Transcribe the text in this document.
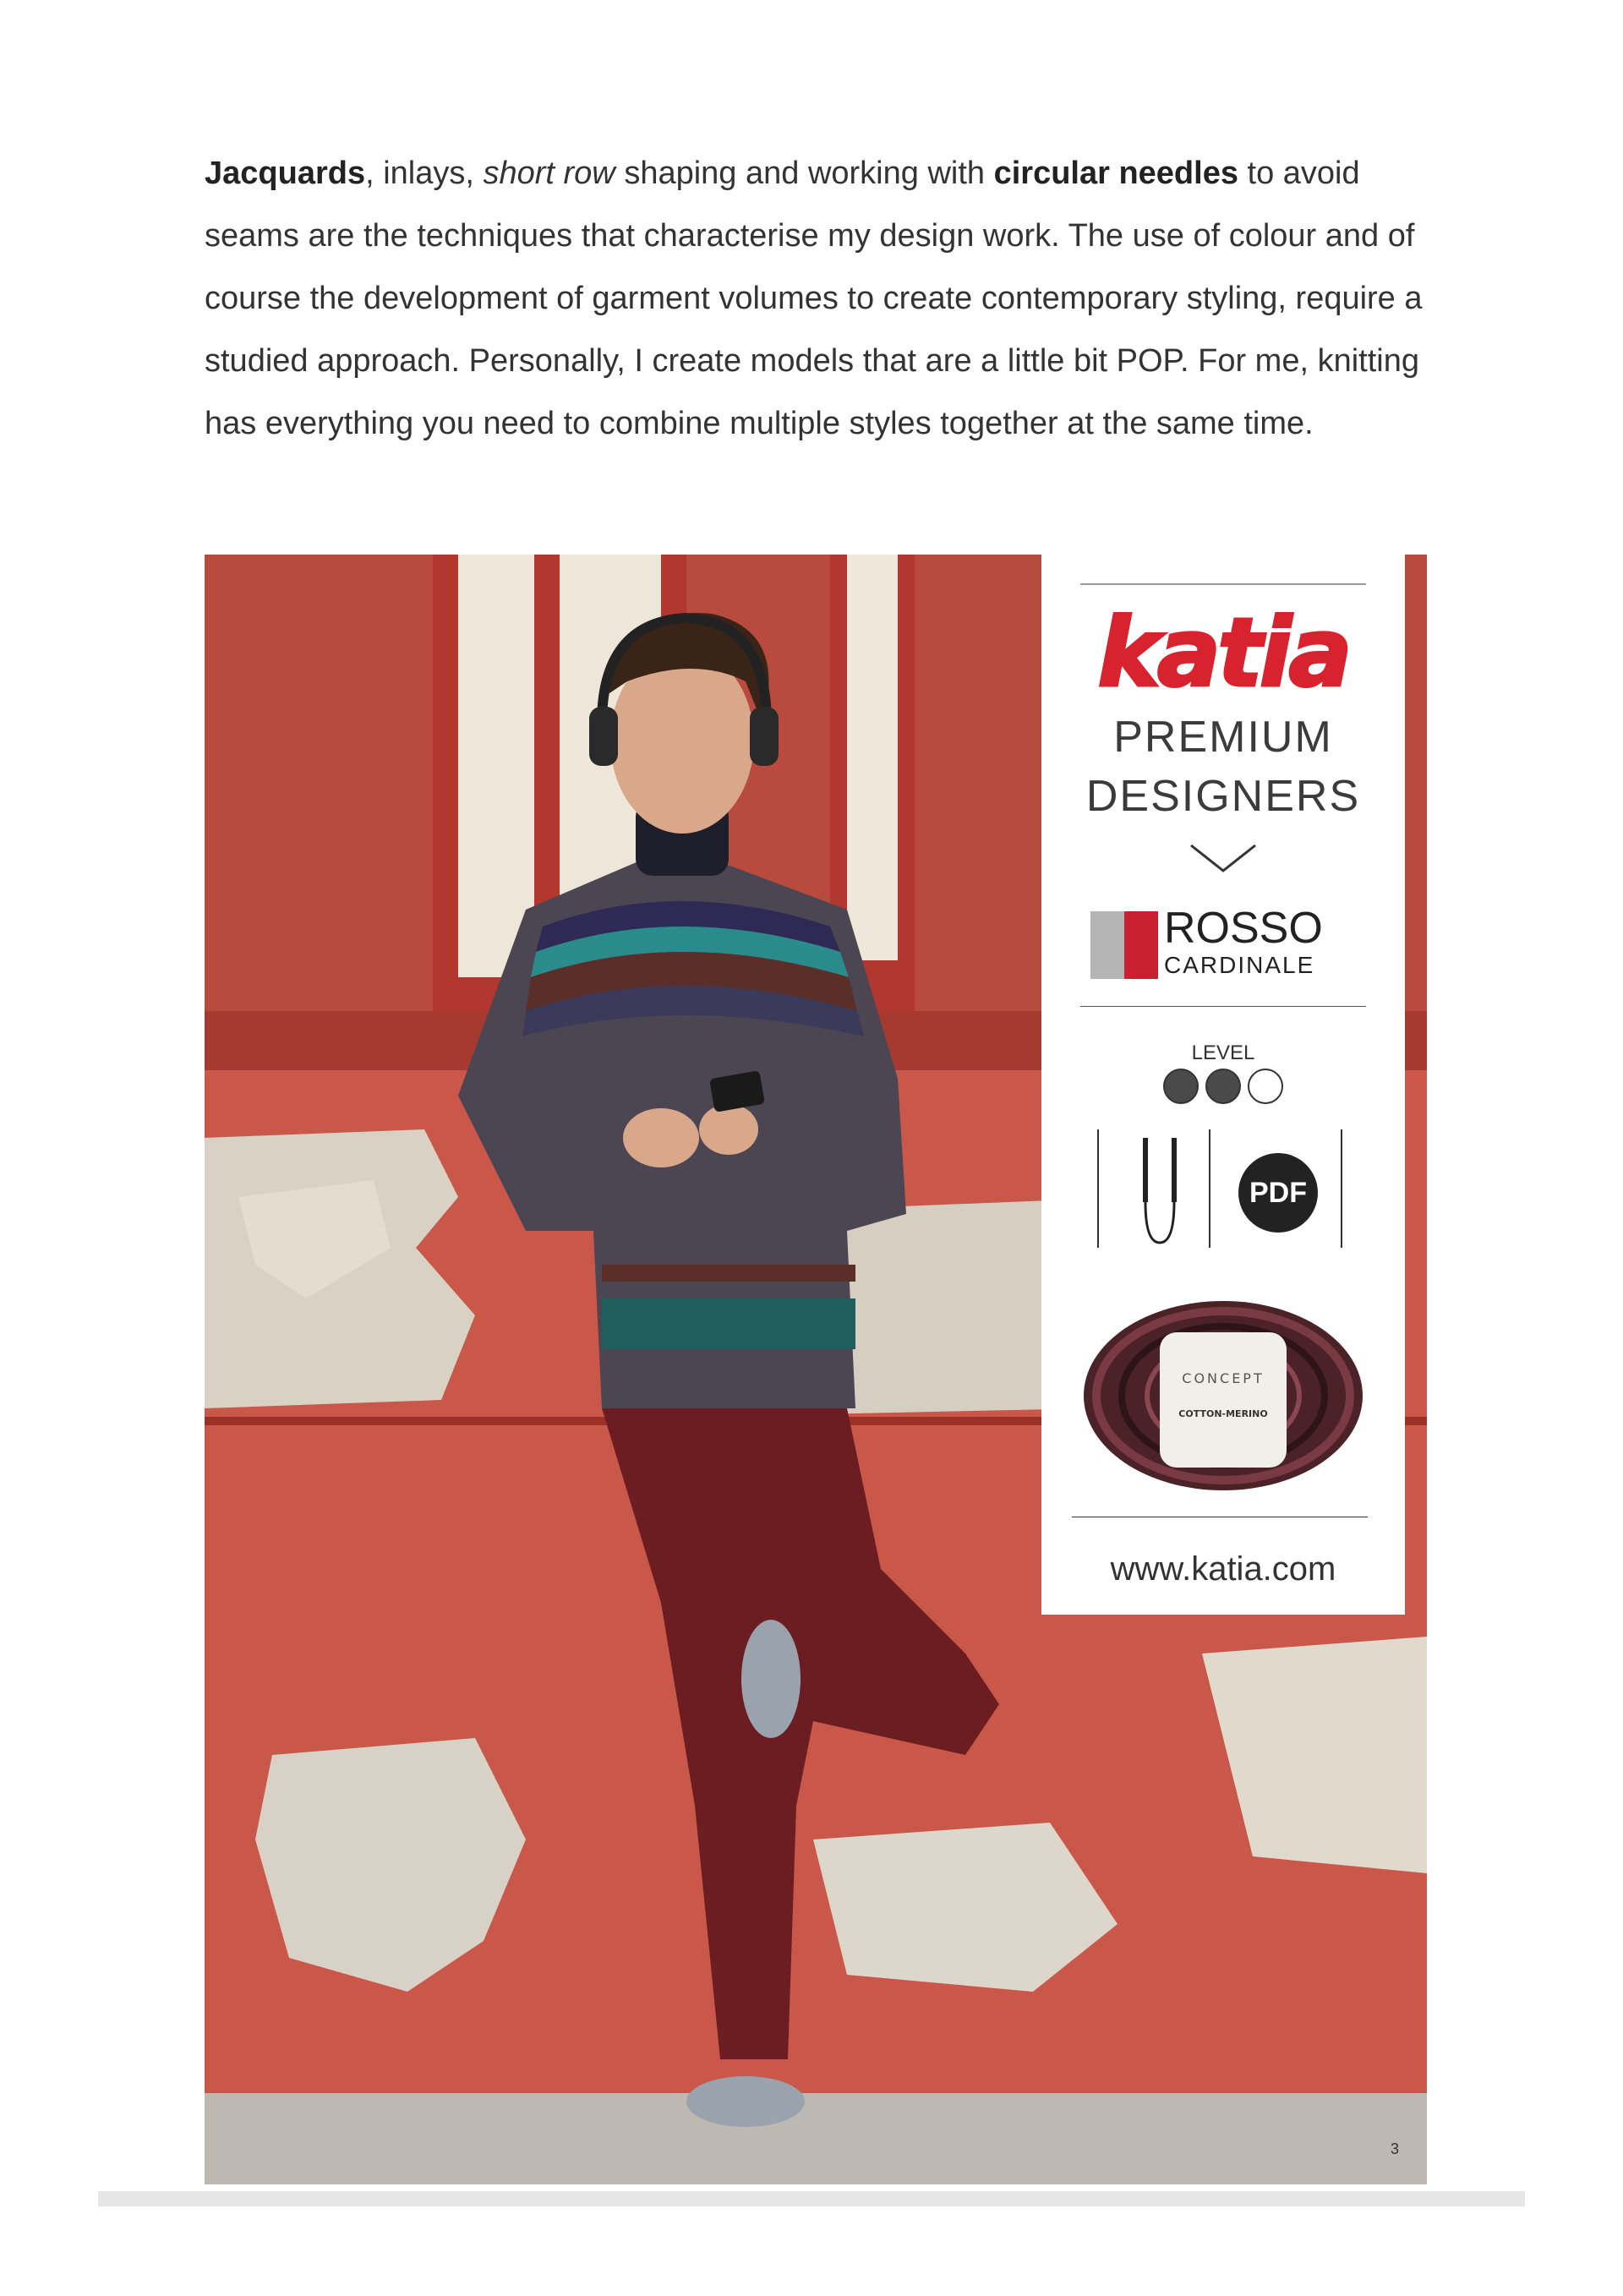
Jacquards, inlays, short row shaping and working with circular needles to avoid seams are the techniques that characterise my design work. The use of colour and of course the development of garment volumes to create contemporary styling, require a studied approach. Personally, I create models that are a little bit POP. For me, knitting has everything you need to combine multiple styles together at the same time.
katia
PREMIUM
DESIGNERS
ROSSO
CARDINALE
LEVEL
PDF
CONCEPT
COTTON-MERINO
www.katia.com
3
